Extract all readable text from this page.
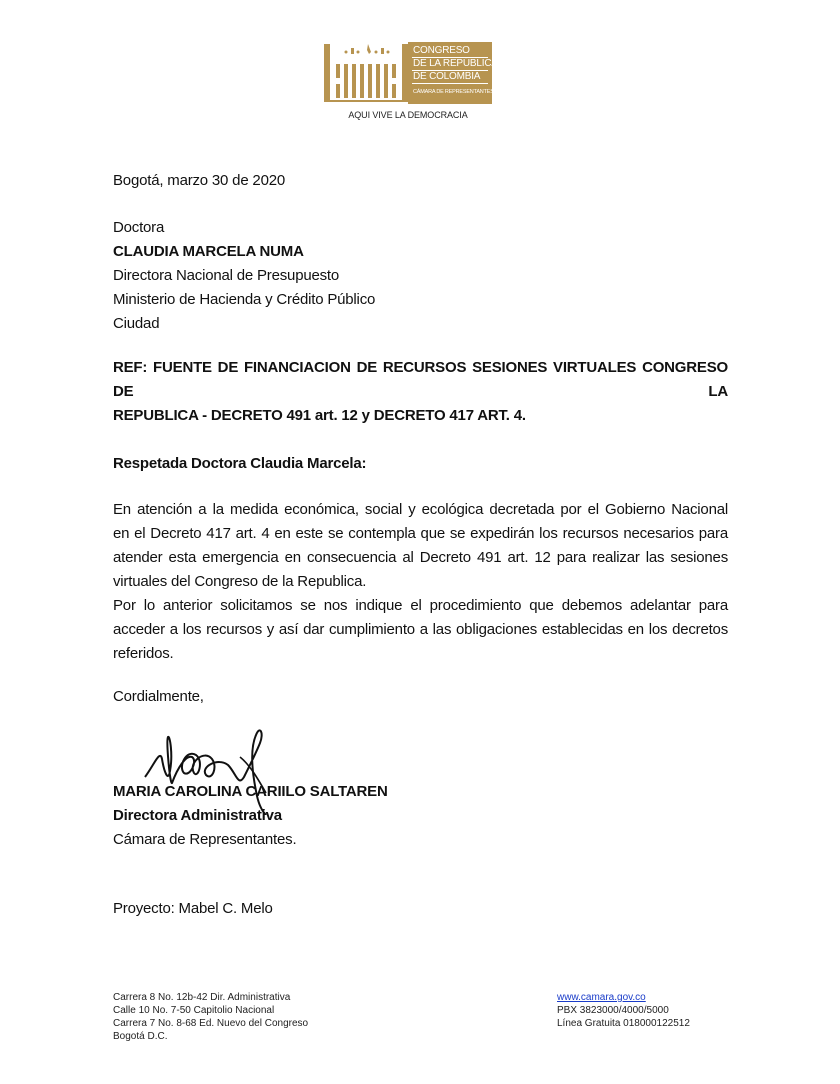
CONGRESO
DE LA REPÚBLICA
DE COLOMBIA
CÁMARA DE REPRESENTANTES
AQUI VIVE LA DEMOCRACIA
Bogotá, marzo 30 de 2020
Doctora
CLAUDIA MARCELA NUMA
Directora Nacional de Presupuesto
Ministerio de Hacienda y Crédito Público
Ciudad
REF: FUENTE DE FINANCIACION DE RECURSOS SESIONES VIRTUALES CONGRESO DE LA
REPUBLICA - DECRETO 491 art. 12 y DECRETO 417 ART. 4.
Respetada Doctora Claudia Marcela:
En atención a la medida económica, social y ecológica decretada por el Gobierno Nacional
en el Decreto 417 art. 4 en este se contempla que se expedirán los recursos necesarios para
atender esta emergencia en consecuencia al Decreto 491 art. 12 para realizar las sesiones
virtuales del Congreso de la Republica.
Por lo anterior solicitamos se nos indique el procedimiento que debemos adelantar para
acceder a los recursos y así dar cumplimiento a las obligaciones establecidas en los decretos
referidos.
Cordialmente,
MARIA CAROLINA CARIILO SALTAREN
Directora Administrativa
Cámara de Representantes.
Proyecto: Mabel C. Melo
Carrera 8 No. 12b-42 Dir. Administrativa
Calle 10 No. 7-50 Capitolio Nacional
Carrera 7 No. 8-68 Ed. Nuevo del Congreso
Bogotá D.C.
www.camara.gov.co
PBX 3823000/4000/5000
Línea Gratuita 018000122512
